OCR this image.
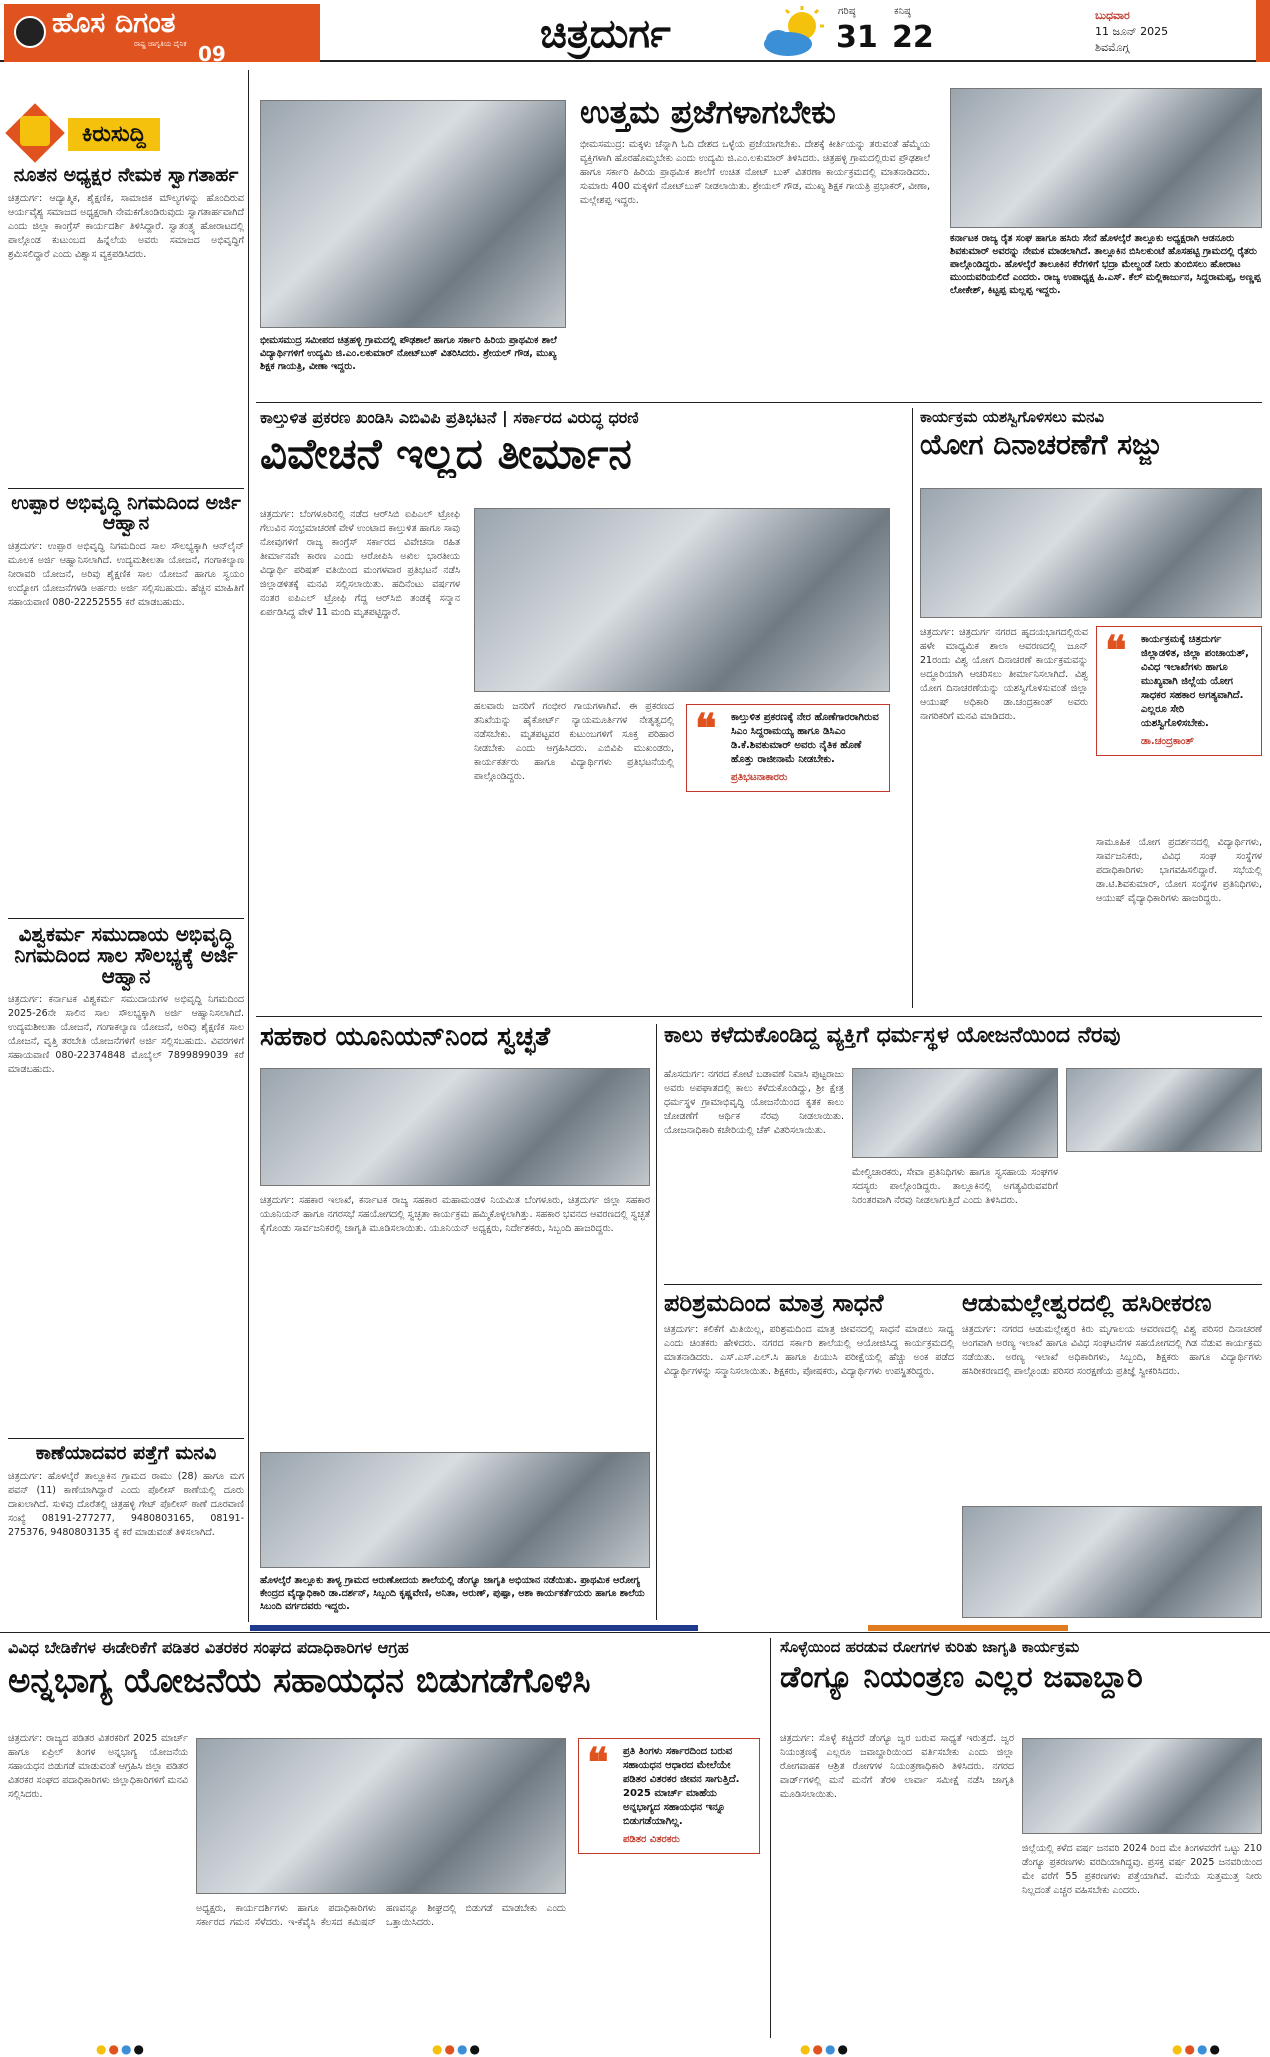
ಹೊಸ ದಿಗಂತ
ರಾಷ್ಟ್ರ ಜಾಗೃತಿಯ ದೈನಿಕ 09	ಚಿತ್ರದುರ್ಗ	ಗರಿಷ್ಠ
31
ಕನಿಷ್ಠ
22
ಬುಧವಾರ
11 ಜೂನ್ 2025
ಶಿವಮೊಗ್ಗ
ಕಿರುಸುದ್ದಿ
ನೂತನ ಅಧ್ಯಕ್ಷರ ನೇಮಕ ಸ್ವಾಗತಾರ್ಹ
ಚಿತ್ರದುರ್ಗ: ಆದ್ಯಾತ್ಮಿಕ, ಶೈಕ್ಷಣಿಕ, ಸಾಮಾಜಿಕ ಮೌಲ್ಯಗಳನ್ನು ಹೊಂದಿರುವ ಆರ್ಯವೈಶ್ಯ ಸಮಾಜದ ಅಧ್ಯಕ್ಷರಾಗಿ ನೇಮಕಗೊಂಡಿರುವುದು ಸ್ವಾಗತಾರ್ಹವಾಗಿದೆ ಎಂದು ಜಿಲ್ಲಾ ಕಾಂಗ್ರೆಸ್ ಕಾರ್ಯದರ್ಶಿ ತಿಳಿಸಿದ್ದಾರೆ. ಸ್ವಾತಂತ್ರ್ಯ ಹೋರಾಟದಲ್ಲಿ ಪಾಲ್ಗೊಂಡ ಕುಟುಂಬದ ಹಿನ್ನೆಲೆಯ ಅವರು ಸಮಾಜದ ಅಭಿವೃದ್ಧಿಗೆ ಶ್ರಮಿಸಲಿದ್ದಾರೆ ಎಂದು ವಿಶ್ವಾಸ ವ್ಯಕ್ತಪಡಿಸಿದರು.
ಉಪ್ಪಾರ ಅಭಿವೃದ್ಧಿ ನಿಗಮದಿಂದ ಅರ್ಜಿ ಆಹ್ವಾನ
ಚಿತ್ರದುರ್ಗ: ಉಪ್ಪಾರ ಅಭಿವೃದ್ಧಿ ನಿಗಮದಿಂದ ಸಾಲ ಸೌಲಭ್ಯಕ್ಕಾಗಿ ಆನ್‌ಲೈನ್ ಮೂಲಕ ಅರ್ಜಿ ಆಹ್ವಾನಿಸಲಾಗಿದೆ. ಉದ್ಯಮಶೀಲತಾ ಯೋಜನೆ, ಗಂಗಾಕಲ್ಯಾಣ ನೀರಾವರಿ ಯೋಜನೆ, ಅರಿವು ಶೈಕ್ಷಣಿಕ ಸಾಲ ಯೋಜನೆ ಹಾಗೂ ಸ್ವಯಂ ಉದ್ಯೋಗ ಯೋಜನೆಗಳಡಿ ಅರ್ಹರು ಅರ್ಜಿ ಸಲ್ಲಿಸಬಹುದು. ಹೆಚ್ಚಿನ ಮಾಹಿತಿಗೆ ಸಹಾಯವಾಣಿ 080-22252555 ಕರೆ ಮಾಡಬಹುದು.
ವಿಶ್ವಕರ್ಮ ಸಮುದಾಯ ಅಭಿವೃದ್ಧಿ ನಿಗಮದಿಂದ ಸಾಲ ಸೌಲಭ್ಯಕ್ಕೆ ಅರ್ಜಿ ಆಹ್ವಾನ
ಚಿತ್ರದುರ್ಗ: ಕರ್ನಾಟಕ ವಿಶ್ವಕರ್ಮ ಸಮುದಾಯಗಳ ಅಭಿವೃದ್ಧಿ ನಿಗಮದಿಂದ 2025-26ನೇ ಸಾಲಿನ ಸಾಲ ಸೌಲಭ್ಯಕ್ಕಾಗಿ ಅರ್ಜಿ ಆಹ್ವಾನಿಸಲಾಗಿದೆ. ಉದ್ಯಮಶೀಲತಾ ಯೋಜನೆ, ಗಂಗಾಕಲ್ಯಾಣ ಯೋಜನೆ, ಅರಿವು ಶೈಕ್ಷಣಿಕ ಸಾಲ ಯೋಜನೆ, ವೃತ್ತಿ ತರಬೇತಿ ಯೋಜನೆಗಳಿಗೆ ಅರ್ಜಿ ಸಲ್ಲಿಸಬಹುದು. ವಿವರಗಳಿಗೆ ಸಹಾಯವಾಣಿ 080-22374848 ಮೊಬೈಲ್ 7899899039 ಕರೆ ಮಾಡಬಹುದು.
ಕಾಣೆಯಾದವರ ಪತ್ತೆಗೆ ಮನವಿ
ಚಿತ್ರದುರ್ಗ: ಹೊಳಲ್ಕೆರೆ ತಾಲ್ಲೂಕಿನ ಗ್ರಾಮದ ರಾಮು (28) ಹಾಗೂ ಮಗ ಪವನ್ (11) ಕಾಣೆಯಾಗಿದ್ದಾರೆ ಎಂದು ಪೊಲೀಸ್ ಠಾಣೆಯಲ್ಲಿ ದೂರು ದಾಖಲಾಗಿದೆ. ಸುಳಿವು ದೊರೆತಲ್ಲಿ ಚಿತ್ರಹಳ್ಳಿ ಗೇಟ್ ಪೊಲೀಸ್ ಠಾಣೆ ದೂರವಾಣಿ ಸಂಖ್ಯೆ 08191-277277, 9480803165, 08191-275376, 9480803135 ಕ್ಕೆ ಕರೆ ಮಾಡುವಂತೆ ತಿಳಿಸಲಾಗಿದೆ.
ಭೀಮಸಮುದ್ರ ಸಮೀಪದ ಚಿತ್ರಹಳ್ಳಿ ಗ್ರಾಮದಲ್ಲಿ ಪೌಢಶಾಲೆ ಹಾಗೂ ಸರ್ಕಾರಿ ಹಿರಿಯ ಪ್ರಾಥಮಿಕ ಶಾಲೆ ವಿದ್ಯಾರ್ಥಿಗಳಿಗೆ ಉದ್ಯಮಿ ಜಿ.ಎಂ.ಲಕುಮಾರ್ ನೋಟ್‌ಬುಕ್ ವಿತರಿಸಿದರು. ಶ್ರೇಯಲ್ ಗೌಡ, ಮುಖ್ಯ ಶಿಕ್ಷಕ ಗಾಯತ್ರಿ, ವೀಣಾ ಇದ್ದರು.
ಉತ್ತಮ ಪ್ರಜೆಗಳಾಗಬೇಕು
ಭೀಮಸಮುದ್ರ: ಮಕ್ಕಳು ಚೆನ್ನಾಗಿ ಓದಿ ದೇಶದ ಒಳ್ಳೆಯ ಪ್ರಜೆಯಾಗಬೇಕು. ದೇಶಕ್ಕೆ ಕೀರ್ತಿಯನ್ನು ತರುವಂತೆ ಹೆಮ್ಮೆಯ ವ್ಯಕ್ತಿಗಳಾಗಿ ಹೊರಹೊಮ್ಮಬೇಕು ಎಂದು ಉದ್ಯಮಿ ಜಿ.ಎಂ.ಲಕುಮಾರ್ ತಿಳಿಸಿದರು. ಚಿತ್ರಹಳ್ಳಿ ಗ್ರಾಮದಲ್ಲಿರುವ ಪ್ರೌಢಶಾಲೆ ಹಾಗೂ ಸರ್ಕಾರಿ ಹಿರಿಯ ಪ್ರಾಥಮಿಕ ಶಾಲೆಗೆ ಉಚಿತ ನೋಟ್ ಬುಕ್ ವಿತರಣಾ ಕಾರ್ಯಕ್ರಮದಲ್ಲಿ ಮಾತನಾಡಿದರು. ಸುಮಾರು 400 ಮಕ್ಕಳಿಗೆ ನೋಟ್‌ಬುಕ್ ನೀಡಲಾಯಿತು. ಶ್ರೇಯಲ್ ಗೌಡ, ಮುಖ್ಯ ಶಿಕ್ಷಕ ಗಾಯತ್ರಿ ಪ್ರಭಾಕರ್, ವೀಣಾ, ಮಲ್ಲೇಶಪ್ಪ ಇದ್ದರು.
ಕರ್ನಾಟಕ ರಾಜ್ಯ ರೈತ ಸಂಘ ಹಾಗೂ ಹಸಿರು ಸೇನೆ ಹೊಳಲ್ಕೆರೆ ತಾಲ್ಲೂಕು ಅಧ್ಯಕ್ಷರಾಗಿ ಆಡನೂರು ಶಿವಕುಮಾರ್ ಅವರನ್ನು ನೇಮಕ ಮಾಡಲಾಗಿದೆ. ತಾಲ್ಲೂಕಿನ ಬಿಸಿಲಕುಂಟೆ ಹೊಸಹಟ್ಟಿ ಗ್ರಾಮದಲ್ಲಿ ರೈತರು ಪಾಲ್ಗೊಂಡಿದ್ದರು. ಹೊಳಲ್ಕೆರೆ ತಾಲೂಕಿನ ಕೆರೆಗಳಿಗೆ ಭದ್ರಾ ಮೇಲ್ದಂಡೆ ನೀರು ತುಂಬಿಸಲು ಹೋರಾಟ ಮುಂದುವರಿಯಲಿದೆ ಎಂದರು. ರಾಜ್ಯ ಉಪಾಧ್ಯಕ್ಷ ಹಿ.ಎಸ್. ಕೆಲ್ ಮಲ್ಲಿಕಾರ್ಜುನ, ಸಿದ್ದರಾಮಪ್ಪ, ಅಣ್ಣಪ್ಪ ಲೋಕೇಶ್, ಕಿಟ್ಟಪ್ಪ ಮಲ್ಲಪ್ಪ ಇದ್ದರು.
ಕಾಲ್ತುಳಿತ ಪ್ರಕರಣ ಖಂಡಿಸಿ ಎಬಿವಿಪಿ ಪ್ರತಿಭಟನೆ | ಸರ್ಕಾರದ ವಿರುದ್ಧ ಧರಣಿ
ವಿವೇಚನೆ ಇಲ್ಲದ ತೀರ್ಮಾನ
ಚಿತ್ರದುರ್ಗ: ಬೆಂಗಳೂರಿನಲ್ಲಿ ನಡೆದ ಆರ್‌ಸಿಬಿ ಐಪಿಎಲ್ ಟ್ರೋಫಿ ಗೆಲುವಿನ ಸಂಭ್ರಮಾಚರಣೆ ವೇಳೆ ಉಂಟಾದ ಕಾಲ್ತುಳಿತ ಹಾಗೂ ಸಾವು ನೋವುಗಳಿಗೆ ರಾಜ್ಯ ಕಾಂಗ್ರೆಸ್ ಸರ್ಕಾರದ ವಿವೇಚನಾ ರಹಿತ ತೀರ್ಮಾನವೇ ಕಾರಣ ಎಂದು ಆರೋಪಿಸಿ ಅಖಿಲ ಭಾರತೀಯ ವಿದ್ಯಾರ್ಥಿ ಪರಿಷತ್ ವತಿಯಿಂದ ಮಂಗಳವಾರ ಪ್ರತಿಭಟನೆ ನಡೆಸಿ ಜಿಲ್ಲಾಡಳಿತಕ್ಕೆ ಮನವಿ ಸಲ್ಲಿಸಲಾಯಿತು. ಹದಿನೆಂಟು ವರ್ಷಗಳ ನಂತರ ಐಪಿಎಲ್ ಟ್ರೋಫಿ ಗೆದ್ದ ಆರ್‌ಸಿಬಿ ತಂಡಕ್ಕೆ ಸನ್ಮಾನ ಏರ್ಪಡಿಸಿದ್ದ ವೇಳೆ 11 ಮಂದಿ ಮೃತಪಟ್ಟಿದ್ದಾರೆ.
ಹಲವಾರು ಜನರಿಗೆ ಗಂಭೀರ ಗಾಯಗಳಾಗಿವೆ. ಈ ಪ್ರಕರಣದ ತನಿಖೆಯನ್ನು ಹೈಕೋರ್ಟ್ ನ್ಯಾಯಮೂರ್ತಿಗಳ ನೇತೃತ್ವದಲ್ಲಿ ನಡೆಸಬೇಕು. ಮೃತಪಟ್ಟವರ ಕುಟುಂಬಗಳಿಗೆ ಸೂಕ್ತ ಪರಿಹಾರ ನೀಡಬೇಕು ಎಂದು ಆಗ್ರಹಿಸಿದರು. ಎಬಿವಿಪಿ ಮುಖಂಡರು, ಕಾರ್ಯಕರ್ತರು ಹಾಗೂ ವಿದ್ಯಾರ್ಥಿಗಳು ಪ್ರತಿಭಟನೆಯಲ್ಲಿ ಪಾಲ್ಗೊಂಡಿದ್ದರು.
❝ ಕಾಲ್ತುಳಿತ ಪ್ರಕರಣಕ್ಕೆ ನೇರ ಹೊಣೆಗಾರರಾಗಿರುವ ಸಿಎಂ ಸಿದ್ದರಾಮಯ್ಯ ಹಾಗೂ ಡಿಸಿಎಂ ಡಿ.ಕೆ.ಶಿವಕುಮಾರ್ ಅವರು ನೈತಿಕ ಹೊಣೆ ಹೊತ್ತು ರಾಜೀನಾಮೆ ನೀಡಬೇಕು.
ಪ್ರತಿಭಟನಾಕಾರರು
ಕಾರ್ಯಕ್ರಮ ಯಶಸ್ವಿಗೊಳಿಸಲು ಮನವಿ
ಯೋಗ ದಿನಾಚರಣೆಗೆ ಸಜ್ಜು
ಚಿತ್ರದುರ್ಗ: ಚಿತ್ರದುರ್ಗ ನಗರದ ಹೃದಯಭಾಗದಲ್ಲಿರುವ ಹಳೇ ಮಾಧ್ಯಮಿಕ ಶಾಲಾ ಆವರಣದಲ್ಲಿ ಜೂನ್ 21ರಂದು ವಿಶ್ವ ಯೋಗ ದಿನಾಚರಣೆ ಕಾರ್ಯಕ್ರಮವನ್ನು ಅದ್ಧೂರಿಯಾಗಿ ಆಚರಿಸಲು ತೀರ್ಮಾನಿಸಲಾಗಿದೆ. ವಿಶ್ವ ಯೋಗ ದಿನಾಚರಣೆಯನ್ನು ಯಶಸ್ವಿಗೊಳಿಸುವಂತೆ ಜಿಲ್ಲಾ ಆಯುಷ್ ಅಧಿಕಾರಿ ಡಾ.ಚಂದ್ರಕಾಂತ್ ಅವರು ನಾಗರಿಕರಿಗೆ ಮನವಿ ಮಾಡಿದರು.
❝ ಕಾರ್ಯಕ್ರಮಕ್ಕೆ ಚಿತ್ರದುರ್ಗ ಜಿಲ್ಲಾಡಳಿತ, ಜಿಲ್ಲಾ ಪಂಚಾಯತ್, ವಿವಿಧ ಇಲಾಖೆಗಳು ಹಾಗೂ ಮುಖ್ಯವಾಗಿ ಜಿಲ್ಲೆಯ ಯೋಗ ಸಾಧಕರ ಸಹಕಾರ ಅಗತ್ಯವಾಗಿದೆ. ಎಲ್ಲರೂ ಸೇರಿ ಯಶಸ್ವಿಗೊಳಿಸಬೇಕು.
ಡಾ.ಚಂದ್ರಕಾಂತ್
ಸಾಮೂಹಿಕ ಯೋಗ ಪ್ರದರ್ಶನದಲ್ಲಿ ವಿದ್ಯಾರ್ಥಿಗಳು, ಸಾರ್ವಜನಿಕರು, ವಿವಿಧ ಸಂಘ ಸಂಸ್ಥೆಗಳ ಪದಾಧಿಕಾರಿಗಳು ಭಾಗವಹಿಸಲಿದ್ದಾರೆ. ಸಭೆಯಲ್ಲಿ ಡಾ.ಟಿ.ಶಿವಕುಮಾರ್, ಯೋಗ ಸಂಸ್ಥೆಗಳ ಪ್ರತಿನಿಧಿಗಳು, ಆಯುಷ್ ವೈದ್ಯಾಧಿಕಾರಿಗಳು ಹಾಜರಿದ್ದರು.
ಸಹಕಾರ ಯೂನಿಯನ್‌ನಿಂದ ಸ್ವಚ್ಛತೆ
ಚಿತ್ರದುರ್ಗ: ಸಹಕಾರ ಇಲಾಖೆ, ಕರ್ನಾಟಕ ರಾಜ್ಯ ಸಹಕಾರ ಮಹಾಮಂಡಳ ನಿಯಮಿತ ಬೆಂಗಳೂರು, ಚಿತ್ರದುರ್ಗ ಜಿಲ್ಲಾ ಸಹಕಾರ ಯೂನಿಯನ್ ಹಾಗೂ ನಗರಸಭೆ ಸಹಯೋಗದಲ್ಲಿ ಸ್ವಚ್ಛತಾ ಕಾರ್ಯಕ್ರಮ ಹಮ್ಮಿಕೊಳ್ಳಲಾಗಿತ್ತು. ಸಹಕಾರ ಭವನದ ಆವರಣದಲ್ಲಿ ಸ್ವಚ್ಛತೆ ಕೈಗೊಂಡು ಸಾರ್ವಜನಿಕರಲ್ಲಿ ಜಾಗೃತಿ ಮೂಡಿಸಲಾಯಿತು. ಯೂನಿಯನ್ ಅಧ್ಯಕ್ಷರು, ನಿರ್ದೇಶಕರು, ಸಿಬ್ಬಂದಿ ಹಾಜರಿದ್ದರು.
ಹೊಳಲ್ಕೆರೆ ತಾಲ್ಲೂಕು ತಾಳ್ಯ ಗ್ರಾಮದ ಆರುಣೋದಯ ಶಾಲೆಯಲ್ಲಿ ಡೆಂಗ್ಯೂ ಜಾಗೃತಿ ಅಭಿಯಾನ ನಡೆಯಿತು. ಪ್ರಾಥಮಿಕ ಆರೋಗ್ಯ ಕೇಂದ್ರದ ವೈದ್ಯಾಧಿಕಾರಿ ಡಾ.ದರ್ಶನ್, ಸಿಬ್ಬಂದಿ ಕೃಷ್ಣವೇಣಿ, ಅನಿತಾ, ಅರುಣ್, ಪುಷ್ಪಾ, ಆಶಾ ಕಾರ್ಯಕರ್ತೆಯರು ಹಾಗೂ ಶಾಲೆಯ ಸಿಬಂದಿ ವರ್ಗದವರು ಇದ್ದರು.
ಕಾಲು ಕಳೆದುಕೊಂಡಿದ್ದ ವ್ಯಕ್ತಿಗೆ ಧರ್ಮಸ್ಥಳ ಯೋಜನೆಯಿಂದ ನೆರವು
ಹೊಸದುರ್ಗ: ನಗರದ ಕೋಟೆ ಬಡಾವಣೆ ನಿವಾಸಿ ಪುಟ್ಟರಾಜು ಅವರು ಅಪಘಾತದಲ್ಲಿ ಕಾಲು ಕಳೆದುಕೊಂಡಿದ್ದು, ಶ್ರೀ ಕ್ಷೇತ್ರ ಧರ್ಮಸ್ಥಳ ಗ್ರಾಮಾಭಿವೃದ್ಧಿ ಯೋಜನೆಯಿಂದ ಕೃತಕ ಕಾಲು ಜೋಡಣೆಗೆ ಆರ್ಥಿಕ ನೆರವು ನೀಡಲಾಯಿತು. ಯೋಜನಾಧಿಕಾರಿ ಕಚೇರಿಯಲ್ಲಿ ಚೆಕ್ ವಿತರಿಸಲಾಯಿತು.
ಮೇಲ್ವಿಚಾರಕರು, ಸೇವಾ ಪ್ರತಿನಿಧಿಗಳು ಹಾಗೂ ಸ್ವಸಹಾಯ ಸಂಘಗಳ ಸದಸ್ಯರು ಪಾಲ್ಗೊಂಡಿದ್ದರು. ತಾಲ್ಲೂಕಿನಲ್ಲಿ ಅಗತ್ಯವಿರುವವರಿಗೆ ನಿರಂತರವಾಗಿ ನೆರವು ನೀಡಲಾಗುತ್ತಿದೆ ಎಂದು ತಿಳಿಸಿದರು.
ಪರಿಶ್ರಮದಿಂದ ಮಾತ್ರ ಸಾಧನೆ
ಚಿತ್ರದುರ್ಗ: ಕಲಿಕೆಗೆ ಮಿತಿಯಿಲ್ಲ, ಪರಿಶ್ರಮದಿಂದ ಮಾತ್ರ ಜೀವನದಲ್ಲಿ ಸಾಧನೆ ಮಾಡಲು ಸಾಧ್ಯ ಎಂದು ಚಿಂತಕರು ಹೇಳಿದರು. ನಗರದ ಸರ್ಕಾರಿ ಶಾಲೆಯಲ್ಲಿ ಆಯೋಜಿಸಿದ್ದ ಕಾರ್ಯಕ್ರಮದಲ್ಲಿ ಮಾತನಾಡಿದರು. ಎಸ್.ಎಸ್.ಎಲ್.ಸಿ ಹಾಗೂ ಪಿಯುಸಿ ಪರೀಕ್ಷೆಯಲ್ಲಿ ಹೆಚ್ಚು ಅಂಕ ಪಡೆದ ವಿದ್ಯಾರ್ಥಿಗಳನ್ನು ಸನ್ಮಾನಿಸಲಾಯಿತು. ಶಿಕ್ಷಕರು, ಪೋಷಕರು, ವಿದ್ಯಾರ್ಥಿಗಳು ಉಪಸ್ಥಿತರಿದ್ದರು.
ಆಡುಮಲ್ಲೇಶ್ವರದಲ್ಲಿ ಹಸಿರೀಕರಣ
ಚಿತ್ರದುರ್ಗ: ನಗರದ ಆಡುಮಲ್ಲೇಶ್ವರ ಕಿರು ಮೃಗಾಲಯ ಆವರಣದಲ್ಲಿ ವಿಶ್ವ ಪರಿಸರ ದಿನಾಚರಣೆ ಅಂಗವಾಗಿ ಅರಣ್ಯ ಇಲಾಖೆ ಹಾಗೂ ವಿವಿಧ ಸಂಘಟನೆಗಳ ಸಹಯೋಗದಲ್ಲಿ ಗಿಡ ನೆಡುವ ಕಾರ್ಯಕ್ರಮ ನಡೆಯಿತು. ಅರಣ್ಯ ಇಲಾಖೆ ಅಧಿಕಾರಿಗಳು, ಸಿಬ್ಬಂದಿ, ಶಿಕ್ಷಕರು ಹಾಗೂ ವಿದ್ಯಾರ್ಥಿಗಳು ಹಸಿರೀಕರಣದಲ್ಲಿ ಪಾಲ್ಗೊಂಡು ಪರಿಸರ ಸಂರಕ್ಷಣೆಯ ಪ್ರತಿಜ್ಞೆ ಸ್ವೀಕರಿಸಿದರು.
ವಿವಿಧ ಬೇಡಿಕೆಗಳ ಈಡೇರಿಕೆಗೆ ಪಡಿತರ ವಿತರಕರ ಸಂಘದ ಪದಾಧಿಕಾರಿಗಳ ಆಗ್ರಹ
ಅನ್ನಭಾಗ್ಯ ಯೋಜನೆಯ ಸಹಾಯಧನ ಬಿಡುಗಡೆಗೊಳಿಸಿ
ಚಿತ್ರದುರ್ಗ: ರಾಜ್ಯದ ಪಡಿತರ ವಿತರಕರಿಗೆ 2025 ಮಾರ್ಚ್ ಹಾಗೂ ಏಪ್ರಿಲ್ ತಿಂಗಳ ಅನ್ನಭಾಗ್ಯ ಯೋಜನೆಯ ಸಹಾಯಧನ ಬಿಡುಗಡೆ ಮಾಡುವಂತೆ ಆಗ್ರಹಿಸಿ ಜಿಲ್ಲಾ ಪಡಿತರ ವಿತರಕರ ಸಂಘದ ಪದಾಧಿಕಾರಿಗಳು ಜಿಲ್ಲಾಧಿಕಾರಿಗಳಿಗೆ ಮನವಿ ಸಲ್ಲಿಸಿದರು.
ಅಧ್ಯಕ್ಷರು, ಕಾರ್ಯದರ್ಶಿಗಳು ಹಾಗೂ ಪದಾಧಿಕಾರಿಗಳು ಸರ್ಕಾರದ ಗಮನ ಸೆಳೆದರು. ಇ-ಕೆವೈಸಿ ಕೆಲಸದ ಕಮಿಷನ್ ಹಣವನ್ನೂ ಶೀಘ್ರದಲ್ಲಿ ಬಿಡುಗಡೆ ಮಾಡಬೇಕು ಎಂದು ಒತ್ತಾಯಿಸಿದರು.
❝ ಪ್ರತಿ ತಿಂಗಳು ಸರ್ಕಾರದಿಂದ ಬರುವ ಸಹಾಯಧನ ಆಧಾರದ ಮೇಲೆಯೇ ಪಡಿತರ ವಿತರಕರ ಜೀವನ ಸಾಗುತ್ತಿದೆ. 2025 ಮಾರ್ಚ್ ಮಾಹೆಯ ಅನ್ನಭಾಗ್ಯದ ಸಹಾಯಧನ ಇನ್ನೂ ಬಿಡುಗಡೆಯಾಗಿಲ್ಲ.
ಪಡಿತರ ವಿತರಕರು
ಸೊಳ್ಳೆಯಿಂದ ಹರಡುವ ರೋಗಗಳ ಕುರಿತು ಜಾಗೃತಿ ಕಾರ್ಯಕ್ರಮ
ಡೆಂಗ್ಯೂ ನಿಯಂತ್ರಣ ಎಲ್ಲರ ಜವಾಬ್ದಾರಿ
ಚಿತ್ರದುರ್ಗ: ಸೊಳ್ಳೆ ಕಚ್ಚಿದರೆ ಡೆಂಗ್ಯೂ ಜ್ವರ ಬರುವ ಸಾಧ್ಯತೆ ಇರುತ್ತದೆ. ಜ್ವರ ನಿಯಂತ್ರಣಕ್ಕೆ ಎಲ್ಲರೂ ಜವಾಬ್ದಾರಿಯಿಂದ ವರ್ತಿಸಬೇಕು ಎಂದು ಜಿಲ್ಲಾ ರೋಗವಾಹಕ ಆಶ್ರಿತ ರೋಗಗಳ ನಿಯಂತ್ರಣಾಧಿಕಾರಿ ತಿಳಿಸಿದರು. ನಗರದ ವಾರ್ಡ್‌ಗಳಲ್ಲಿ ಮನೆ ಮನೆಗೆ ತೆರಳಿ ಲಾರ್ವಾ ಸಮೀಕ್ಷೆ ನಡೆಸಿ ಜಾಗೃತಿ ಮೂಡಿಸಲಾಯಿತು.
ಜಿಲ್ಲೆಯಲ್ಲಿ ಕಳೆದ ವರ್ಷ ಜನವರಿ 2024 ರಿಂದ ಮೇ ತಿಂಗಳವರೆಗೆ ಒಟ್ಟು 210 ಡೆಂಗ್ಯೂ ಪ್ರಕರಣಗಳು ವರದಿಯಾಗಿದ್ದವು. ಪ್ರಸಕ್ತ ವರ್ಷ 2025 ಜನವರಿಯಿಂದ ಮೇ ವರೆಗೆ 55 ಪ್ರಕರಣಗಳು ಪತ್ತೆಯಾಗಿವೆ. ಮನೆಯ ಸುತ್ತಮುತ್ತ ನೀರು ನಿಲ್ಲದಂತೆ ಎಚ್ಚರ ವಹಿಸಬೇಕು ಎಂದರು.
●●●●	●●●●	●●●●	●●●●
